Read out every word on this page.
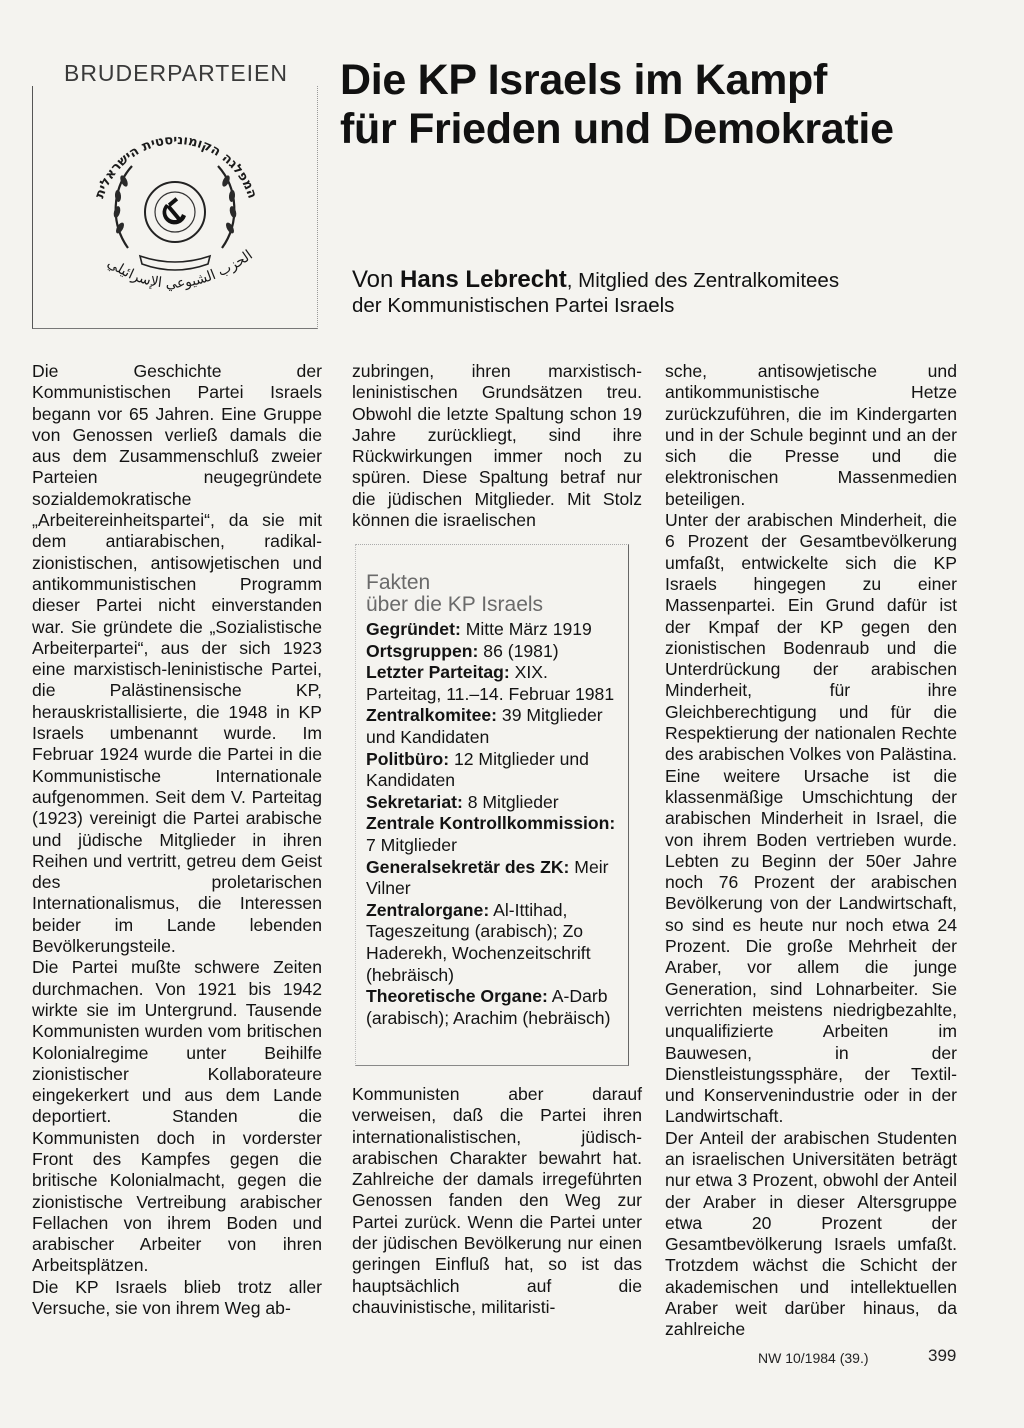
BRUDERPARTEIEN
המפלגה הקומוניסטית הישראלית
الحزب الشيوعي الإسرائيلي
Die KP Israels im Kampf
für Frieden und Demokratie
Von Hans Lebrecht, Mitglied des Zentralkomitees
der Kommunistischen Partei Israels

Die Geschichte der Kommunistischen Partei Israels begann vor 65 Jahren. Eine Gruppe von Genossen verließ damals die aus dem Zusammenschluß zweier Parteien neugegründete sozialdemokratische „Arbeitereinheitspartei“, da sie mit dem antiarabischen, radikal-zionistischen, antisowjetischen und antikommunistischen Programm dieser Partei nicht einverstanden war. Sie gründete die „Sozialistische Arbeiterpartei“, aus der sich 1923 eine marxistisch-leninistische Partei, die Palästinensische KP, herauskristallisierte, die 1948 in KP Israels umbenannt wurde. Im Februar 1924 wurde die Partei in die Kommunistische Internationale aufgenommen. Seit dem V. Parteitag (1923) vereinigt die Partei arabische und jüdische Mitglieder in ihren Reihen und vertritt, getreu dem Geist des proletarischen Internationalismus, die Interessen beider im Lande lebenden Bevölkerungsteile.

Die Partei mußte schwere Zeiten durchmachen. Von 1921 bis 1942 wirkte sie im Untergrund. Tausende Kommunisten wurden vom britischen Kolonialregime unter Beihilfe zionistischer Kollaborateure eingekerkert und aus dem Lande deportiert. Standen die Kommunisten doch in vorderster Front des Kampfes gegen die britische Kolonialmacht, gegen die zionistische Vertreibung arabischer Fellachen von ihrem Boden und arabischer Arbeiter von ihren Arbeitsplätzen.

Die KP Israels blieb trotz aller Versuche, sie von ihrem Weg ab-

zubringen, ihren marxistisch-leninistischen Grundsätzen treu. Obwohl die letzte Spaltung schon 19 Jahre zurückliegt, sind ihre Rückwirkungen immer noch zu spüren. Diese Spaltung betraf nur die jüdischen Mitglieder. Mit Stolz können die israelischen

Fakten
über die KP Israels
Gegründet: Mitte März 1919
Ortsgruppen: 86 (1981)
Letzter Parteitag: XIX. Parteitag, 11.–14. Februar 1981
Zentralkomitee: 39 Mitglieder und Kandidaten
Politbüro: 12 Mitglieder und Kandidaten
Sekretariat: 8 Mitglieder
Zentrale Kontrollkommission: 7 Mitglieder
Generalsekretär des ZK: Meir Vilner
Zentralorgane: Al-Ittihad, Tageszeitung (arabisch); Zo Haderekh, Wochenzeitschrift (hebräisch)
Theoretische Organe: A-Darb (arabisch); Arachim (hebräisch)

Kommunisten aber darauf verweisen, daß die Partei ihren internationalistischen, jüdisch-arabischen Charakter bewahrt hat. Zahlreiche der damals irregeführten Genossen fanden den Weg zur Partei zurück. Wenn die Partei unter der jüdischen Bevölkerung nur einen geringen Einfluß hat, so ist das hauptsächlich auf die chauvinistische, militaristi-

sche, antisowjetische und antikommunistische Hetze zurückzuführen, die im Kindergarten und in der Schule beginnt und an der sich die Presse und die elektronischen Massenmedien beteiligen.

Unter der arabischen Minderheit, die 6 Prozent der Gesamtbevölkerung umfaßt, entwickelte sich die KP Israels hingegen zu einer Massenpartei. Ein Grund dafür ist der Kmpaf der KP gegen den zionistischen Bodenraub und die Unterdrückung der arabischen Minderheit, für ihre Gleichberechtigung und für die Respektierung der nationalen Rechte des arabischen Volkes von Palästina. Eine weitere Ursache ist die klassenmäßige Umschichtung der arabischen Minderheit in Israel, die von ihrem Boden vertrieben wurde. Lebten zu Beginn der 50er Jahre noch 76 Prozent der arabischen Bevölkerung von der Landwirtschaft, so sind es heute nur noch etwa 24 Prozent. Die große Mehrheit der Araber, vor allem die junge Generation, sind Lohnarbeiter. Sie verrichten meistens niedrigbezahlte, unqualifizierte Arbeiten im Bauwesen, in der Dienstleistungssphäre, der Textil- und Konservenindustrie oder in der Landwirtschaft.

Der Anteil der arabischen Studenten an israelischen Universitäten beträgt nur etwa 3 Prozent, obwohl der Anteil der Araber in dieser Altersgruppe etwa 20 Prozent der Gesamtbevölkerung Israels umfaßt. Trotzdem wächst die Schicht der akademischen und intellektuellen Araber weit darüber hinaus, da zahlreiche

NW 10/1984 (39.)	399
